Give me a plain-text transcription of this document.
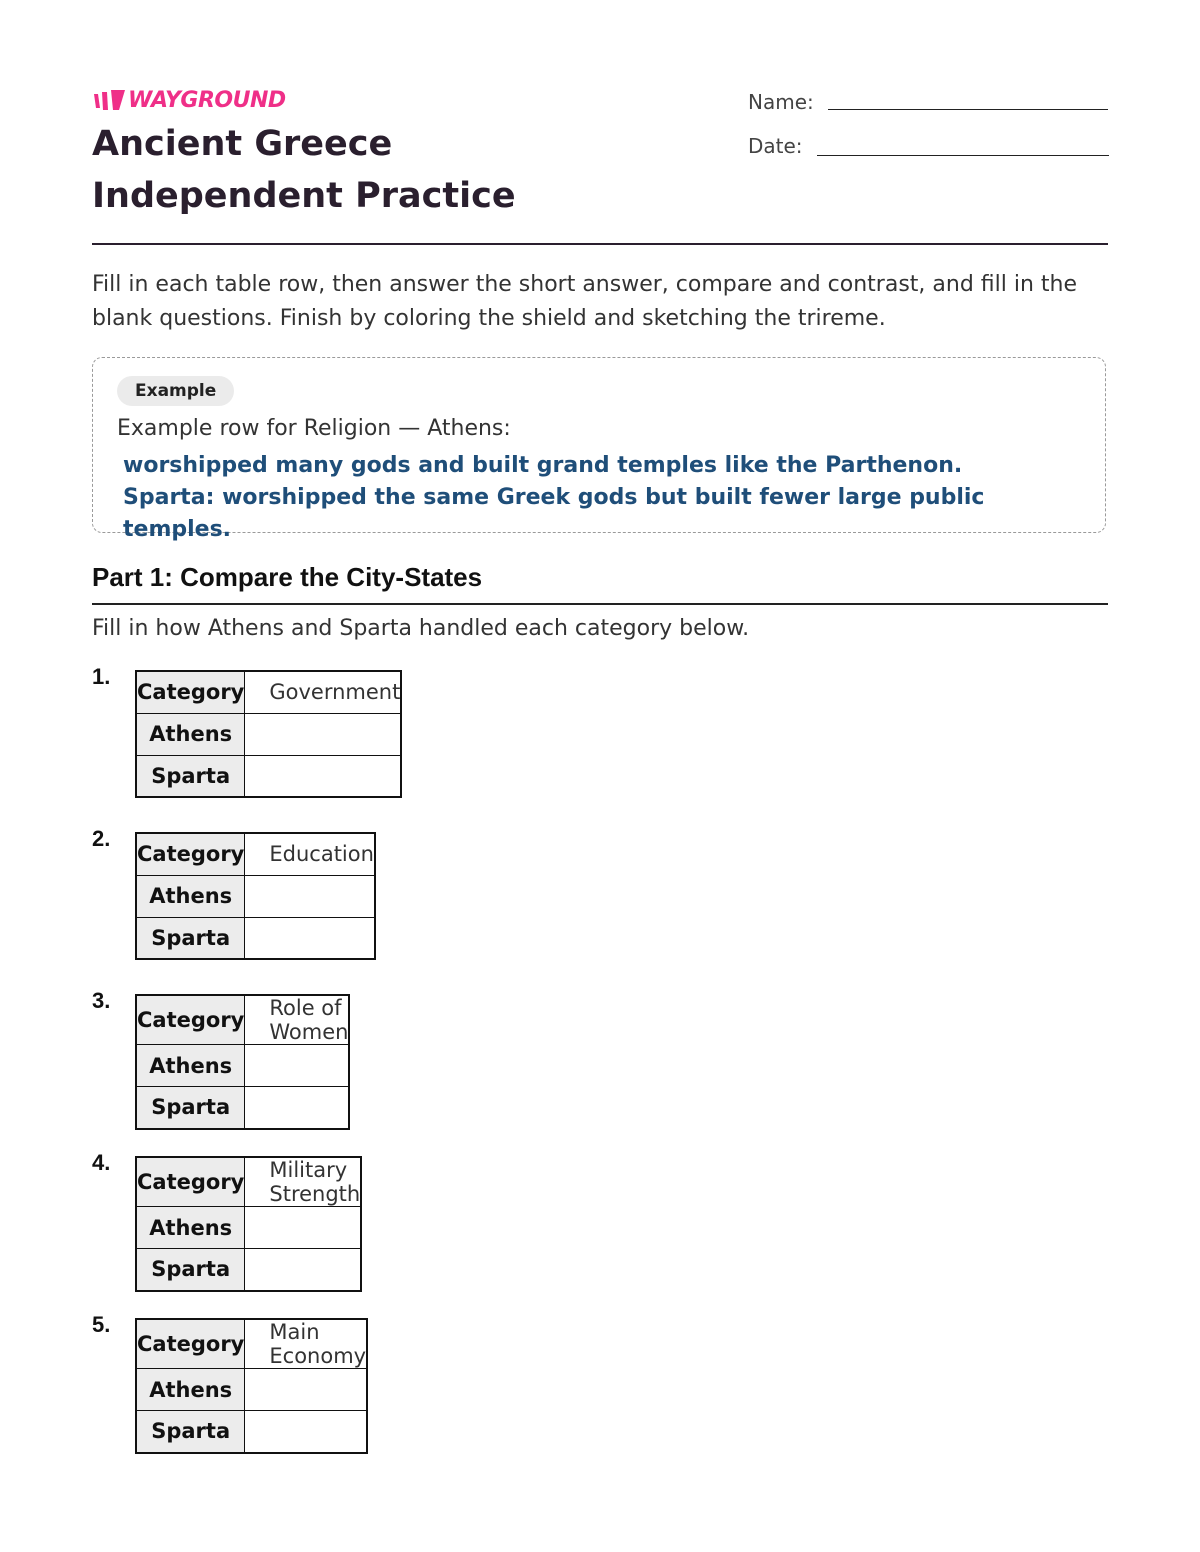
WAYGROUND
Ancient Greece Independent Practice
Name:
Date:

Fill in each table row, then answer the short answer, compare and contrast, and fill in the blank questions. Finish by coloring the shield and sketching the trireme.

Example
Example row for Religion — Athens:
worshipped many gods and built grand temples like the Parthenon. Sparta: worshipped the same Greek gods but built fewer large public temples.
Part 1: Compare the City-States
Fill in how Athens and Sparta handled each category below.
1.
Category	Government
Athens	
Sparta	
2.
Category	Education
Athens	
Sparta	
3.
Category	Role of Women
Athens	
Sparta	
4.
Category	Military Strength
Athens	
Sparta	
5.
Category	Main Economy
Athens	
Sparta	
